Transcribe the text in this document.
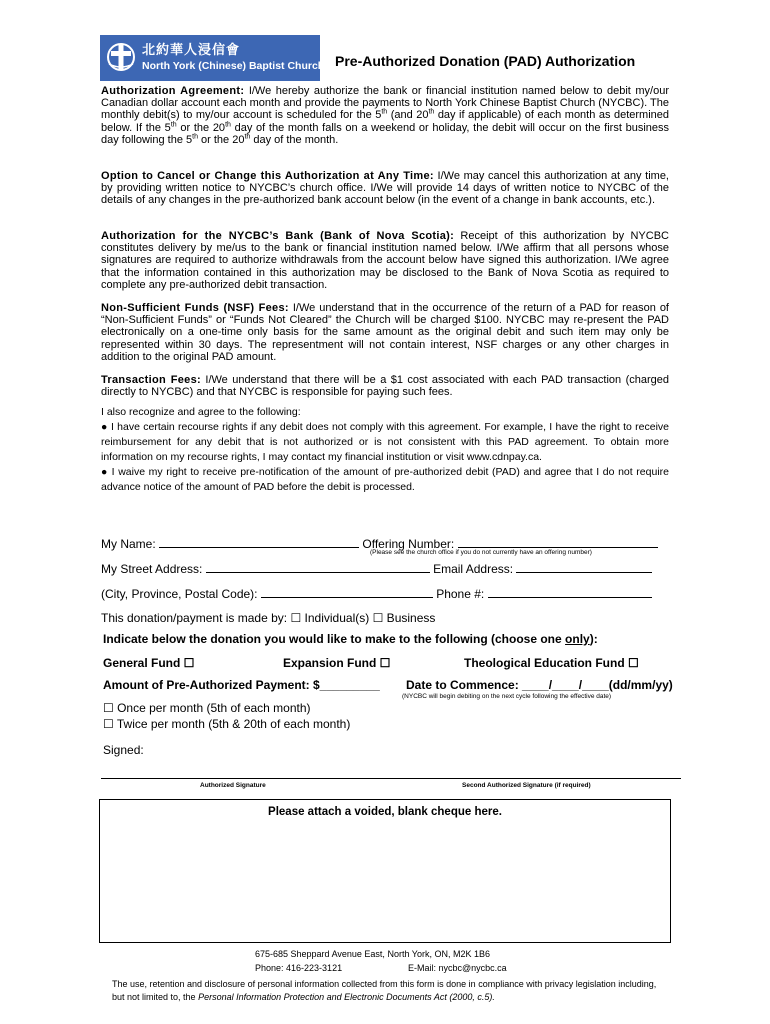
北約華人浸信會
North York (Chinese) Baptist Church Pre-Authorized Donation (PAD) Authorization
Authorization Agreement: I/We hereby authorize the bank or financial institution named below to debit my/our Canadian dollar account each month and provide the payments to North York Chinese Baptist Church (NYCBC). The monthly debit(s) to my/our account is scheduled for the 5th (and 20th day if applicable) of each month as determined below. If the 5th or the 20th day of the month falls on a weekend or holiday, the debit will occur on the first business day following the 5th or the 20th day of the month.
Option to Cancel or Change this Authorization at Any Time: I/We may cancel this authorization at any time, by providing written notice to NYCBC’s church office. I/We will provide 14 days of written notice to NYCBC of the details of any changes in the pre-authorized bank account below (in the event of a change in bank accounts, etc.).
Authorization for the NYCBC’s Bank (Bank of Nova Scotia): Receipt of this authorization by NYCBC constitutes delivery by me/us to the bank or financial institution named below. I/We affirm that all persons whose signatures are required to authorize withdrawals from the account below have signed this authorization. I/We agree that the information contained in this authorization may be disclosed to the Bank of Nova Scotia as required to complete any pre-authorized debit transaction.
Non-Sufficient Funds (NSF) Fees: I/We understand that in the occurrence of the return of a PAD for reason of “Non-Sufficient Funds” or “Funds Not Cleared” the Church will be charged $100. NYCBC may re-present the PAD electronically on a one-time only basis for the same amount as the original debit and such item may only be represented within 30 days. The representment will not contain interest, NSF charges or any other charges in addition to the original PAD amount.
Transaction Fees: I/We understand that there will be a $1 cost associated with each PAD transaction (charged directly to NYCBC) and that NYCBC is responsible for paying such fees.
I also recognize and agree to the following:
● I have certain recourse rights if any debit does not comply with this agreement. For example, I have the right to receive reimbursement for any debit that is not authorized or is not consistent with this PAD agreement. To obtain more information on my recourse rights, I may contact my financial institution or visit www.cdnpay.ca.
● I waive my right to receive pre-notification of the amount of pre-authorized debit (PAD) and agree that I do not require advance notice of the amount of PAD before the debit is processed.
My Name:	Offering Number:
(Please see the church office if you do not currently have an offering number)
My Street Address:	Email Address:
(City, Province, Postal Code):	Phone #:
This donation/payment is made by: ☐ Individual(s) ☐ Business
Indicate below the donation you would like to make to the following (choose one only):
General Fund ☐	Expansion Fund ☐	Theological Education Fund ☐
Amount of Pre-Authorized Payment: $_________ Date to Commence: ____/____/____(dd/mm/yy)
(NYCBC will begin debiting on the next cycle following the effective date)
☐ Once per month (5th of each month)
☐ Twice per month (5th & 20th of each month)
Signed:
Authorized Signature	Second Authorized Signature (if required)
Please attach a voided, blank cheque here.
675-685 Sheppard Avenue East, North York, ON, M2K 1B6
Phone: 416-223-3121	E-Mail: nycbc@nycbc.ca
The use, retention and disclosure of personal information collected from this form is done in compliance with privacy legislation including, but not limited to, the Personal Information Protection and Electronic Documents Act (2000, c.5).
